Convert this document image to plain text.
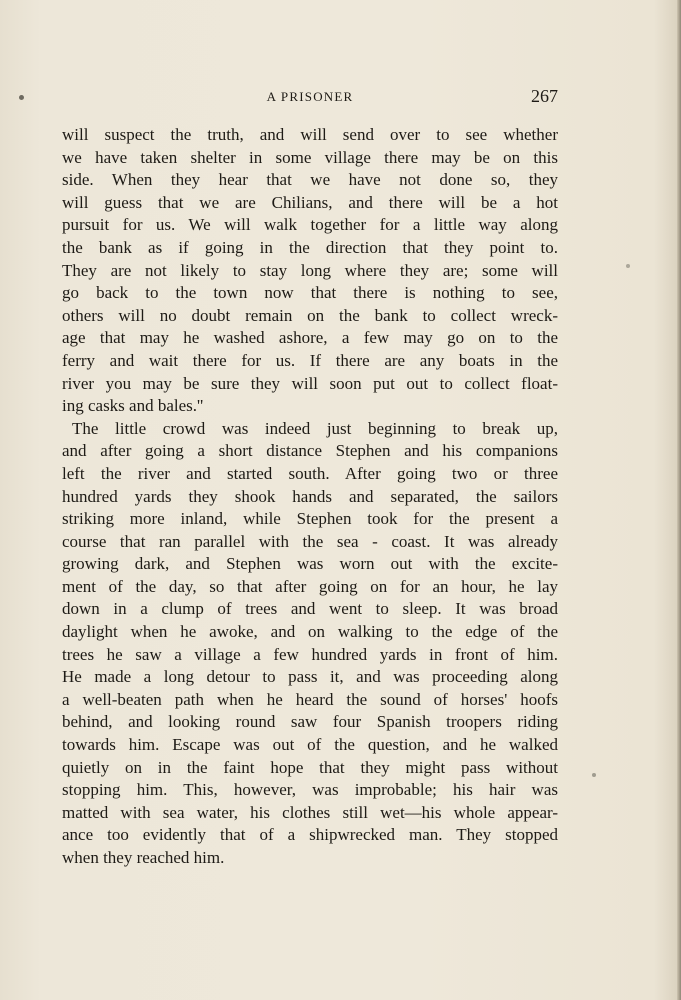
A PRISONER	267
will suspect the truth, and will send over to see whether
we have taken shelter in some village there may be on this
side. When they hear that we have not done so, they
will guess that we are Chilians, and there will be a hot
pursuit for us. We will walk together for a little way along
the bank as if going in the direction that they point to.
They are not likely to stay long where they are; some will
go back to the town now that there is nothing to see,
others will no doubt remain on the bank to collect wreck-
age that may he washed ashore, a few may go on to the
ferry and wait there for us. If there are any boats in the
river you may be sure they will soon put out to collect float-
ing casks and bales.''
The little crowd was indeed just beginning to break up,
and after going a short distance Stephen and his companions
left the river and started south. After going two or three
hundred yards they shook hands and separated, the sailors
striking more inland, while Stephen took for the present a
course that ran parallel with the sea - coast. It was already
growing dark, and Stephen was worn out with the excite-
ment of the day, so that after going on for an hour, he lay
down in a clump of trees and went to sleep. It was broad
daylight when he awoke, and on walking to the edge of the
trees he saw a village a few hundred yards in front of him.
He made a long detour to pass it, and was proceeding along
a well-beaten path when he heard the sound of horses' hoofs
behind, and looking round saw four Spanish troopers riding
towards him. Escape was out of the question, and he walked
quietly on in the faint hope that they might pass without
stopping him. This, however, was improbable; his hair was
matted with sea water, his clothes still wet—his whole appear-
ance too evidently that of a shipwrecked man. They stopped
when they reached him.
